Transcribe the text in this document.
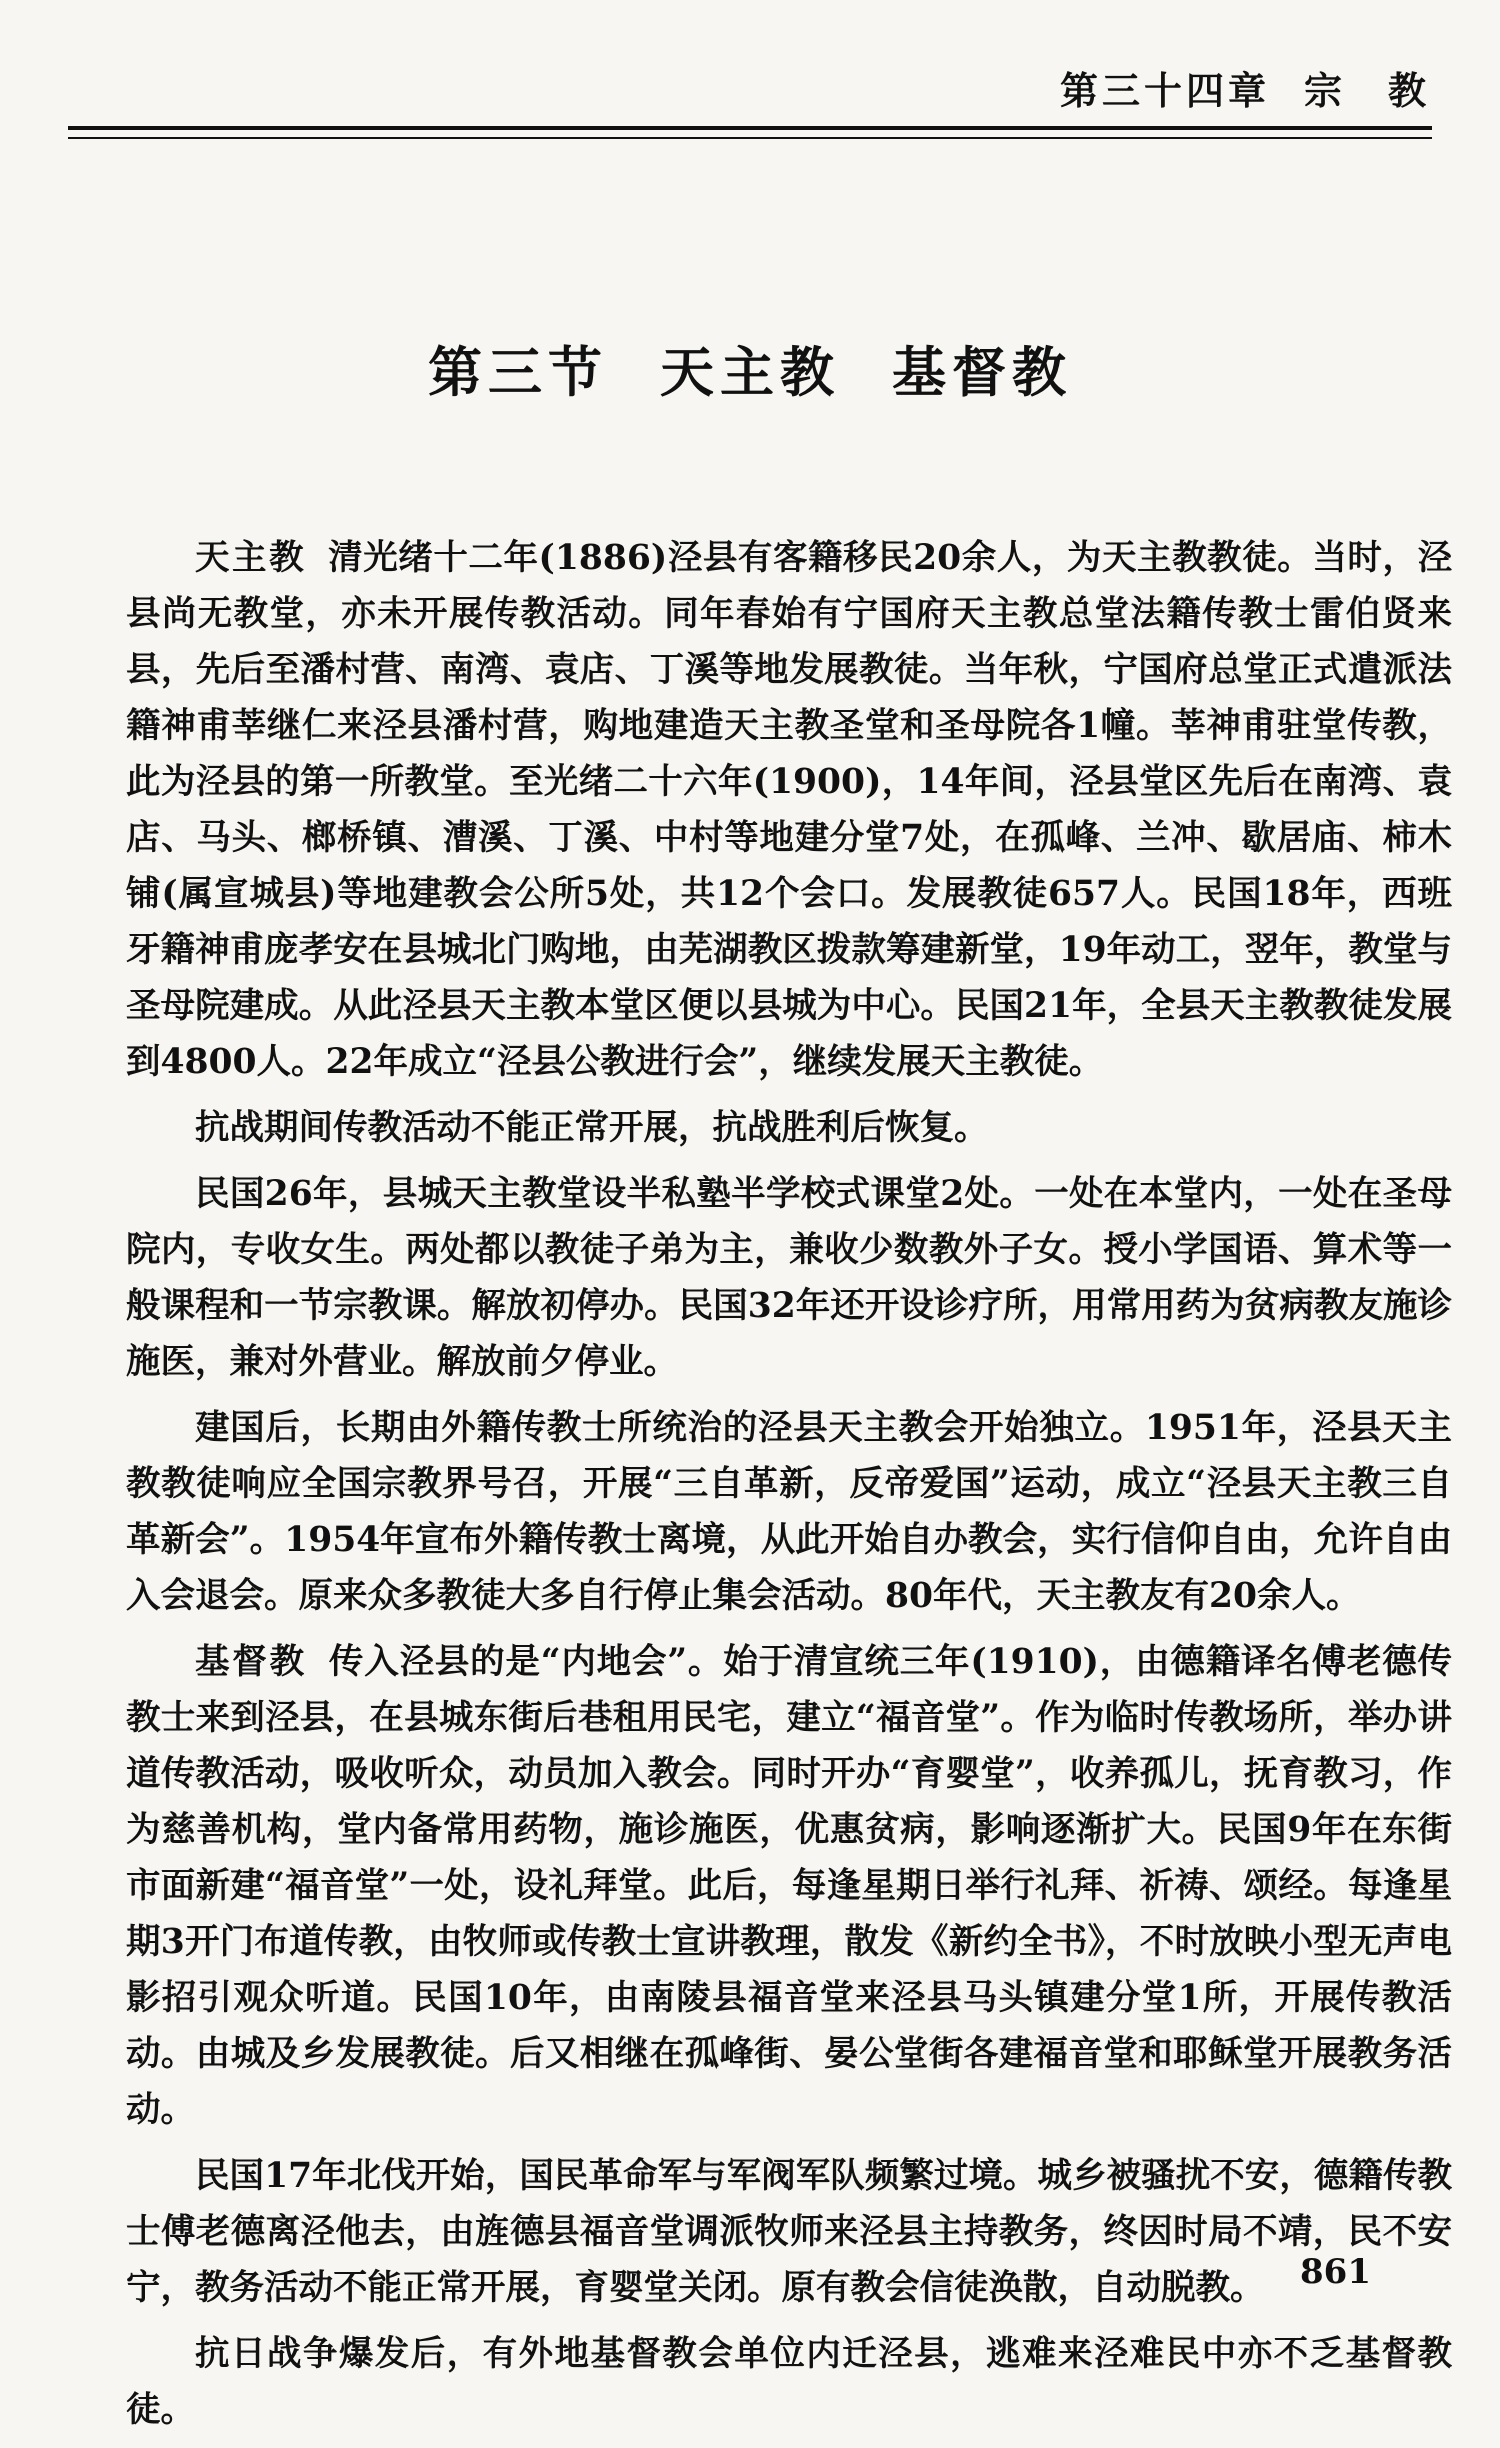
第三十四章 宗　教
第三节 天主教 基督教

天主教 清光绪十二年(1886)泾县有客籍移民20余人，为天主教教徒。当时，泾县尚无教堂，亦未开展传教活动。同年春始有宁国府天主教总堂法籍传教士雷伯贤来县，先后至潘村营、南湾、袁店、丁溪等地发展教徒。当年秋，宁国府总堂正式遣派法籍神甫莘继仁来泾县潘村营，购地建造天主教圣堂和圣母院各1幢。莘神甫驻堂传教，此为泾县的第一所教堂。至光绪二十六年(1900)，14年间，泾县堂区先后在南湾、袁店、马头、榔桥镇、漕溪、丁溪、中村等地建分堂7处，在孤峰、兰冲、歇居庙、柿木铺(属宣城县)等地建教会公所5处，共12个会口。发展教徒657人。民国18年，西班牙籍神甫庞孝安在县城北门购地，由芜湖教区拨款筹建新堂，19年动工，翌年，教堂与圣母院建成。从此泾县天主教本堂区便以县城为中心。民国21年，全县天主教教徒发展到4800人。22年成立“泾县公教进行会”，继续发展天主教徒。

抗战期间传教活动不能正常开展，抗战胜利后恢复。

民国26年，县城天主教堂设半私塾半学校式课堂2处。一处在本堂内，一处在圣母院内，专收女生。两处都以教徒子弟为主，兼收少数教外子女。授小学国语、算术等一般课程和一节宗教课。解放初停办。民国32年还开设诊疗所，用常用药为贫病教友施诊施医，兼对外营业。解放前夕停业。

建国后，长期由外籍传教士所统治的泾县天主教会开始独立。1951年，泾县天主教教徒响应全国宗教界号召，开展“三自革新，反帝爱国”运动，成立“泾县天主教三自革新会”。1954年宣布外籍传教士离境，从此开始自办教会，实行信仰自由，允许自由入会退会。原来众多教徒大多自行停止集会活动。80年代，天主教友有20余人。

基督教 传入泾县的是“内地会”。始于清宣统三年(1910)，由德籍译名傅老德传教士来到泾县，在县城东街后巷租用民宅，建立“福音堂”。作为临时传教场所，举办讲道传教活动，吸收听众，动员加入教会。同时开办“育婴堂”，收养孤儿，抚育教习，作为慈善机构，堂内备常用药物，施诊施医，优惠贫病，影响逐渐扩大。民国9年在东街市面新建“福音堂”一处，设礼拜堂。此后，每逢星期日举行礼拜、祈祷、颂经。每逢星期3开门布道传教，由牧师或传教士宣讲教理，散发《新约全书》，不时放映小型无声电影招引观众听道。民国10年，由南陵县福音堂来泾县马头镇建分堂1所，开展传教活动。由城及乡发展教徒。后又相继在孤峰街、晏公堂街各建福音堂和耶稣堂开展教务活动。

民国17年北伐开始，国民革命军与军阀军队频繁过境。城乡被骚扰不安，德籍传教士傅老德离泾他去，由旌德县福音堂调派牧师来泾县主持教务，终因时局不靖，民不安宁，教务活动不能正常开展，育婴堂关闭。原有教会信徒涣散，自动脱教。

抗日战争爆发后，有外地基督教会单位内迁泾县，逃难来泾难民中亦不乏基督教徒。

861
